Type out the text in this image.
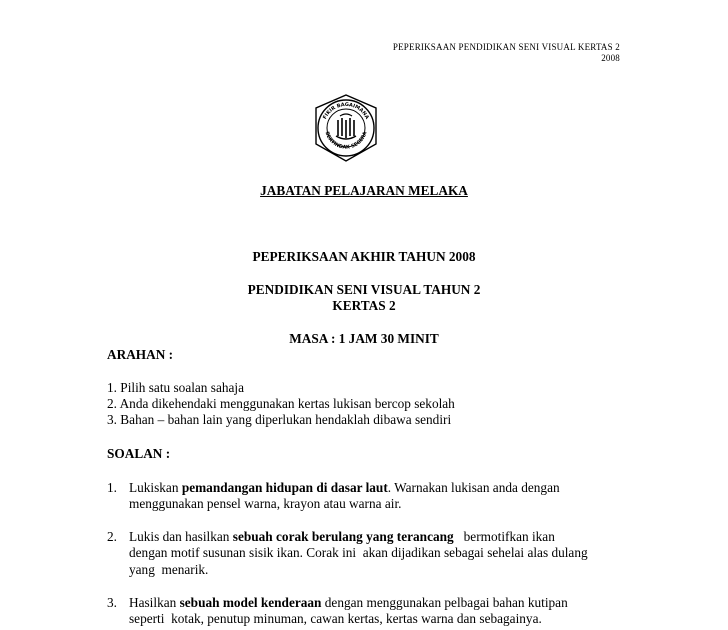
PEPERIKSAAN PENDIDIKAN SENI VISUAL KERTAS 2
2008
FIKIR BAGAIMANA
BERTINDAK SEGERA
JABATAN PELAJARAN MELAKA
PEPERIKSAAN AKHIR TAHUN 2008
PENDIDIKAN SENI VISUAL TAHUN 2
KERTAS 2
MASA : 1 JAM 30 MINIT
ARAHAN :
1. Pilih satu soalan sahaja
2. Anda dikehendaki menggunakan kertas lukisan bercop sekolah
3. Bahan – bahan lain yang diperlukan hendaklah dibawa sendiri
SOALAN :
1. Lukiskan pemandangan hidupan di dasar laut. Warnakan lukisan anda dengan
menggunakan pensel warna, krayon atau warna air.
2. Lukis dan hasilkan sebuah corak berulang yang terancang   bermotifkan ikan
dengan motif susunan sisik ikan. Corak ini  akan dijadikan sebagai sehelai alas dulang
yang  menarik.
3. Hasilkan sebuah model kenderaan dengan menggunakan pelbagai bahan kutipan
seperti  kotak, penutup minuman, cawan kertas, kertas warna dan sebagainya.
